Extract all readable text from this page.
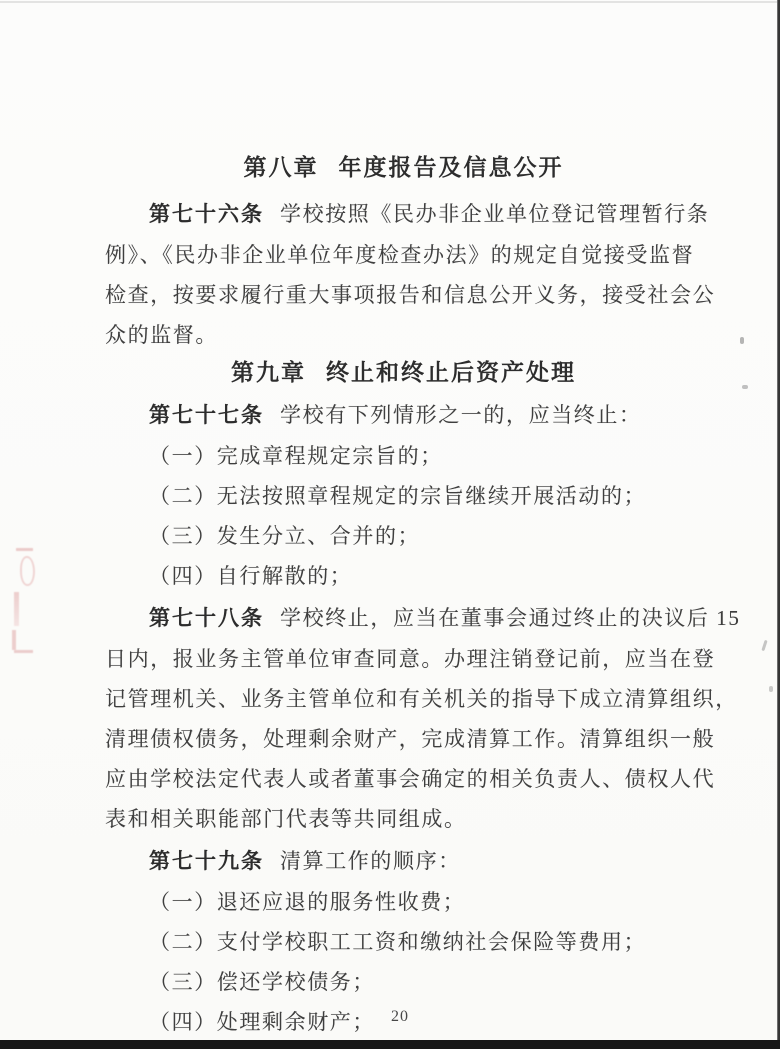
第八章 年度报告及信息公开
第七十六条 学校按照《民办非企业单位登记管理暂行条
例》、《民办非企业单位年度检查办法》的规定自觉接受监督
检查，按要求履行重大事项报告和信息公开义务，接受社会公
众的监督。
第九章 终止和终止后资产处理
第七十七条 学校有下列情形之一的，应当终止：
（一）完成章程规定宗旨的；
（二）无法按照章程规定的宗旨继续开展活动的；
（三）发生分立、合并的；
（四）自行解散的；
第七十八条 学校终止，应当在董事会通过终止的决议后 15
日内，报业务主管单位审查同意。办理注销登记前，应当在登
记管理机关、业务主管单位和有关机关的指导下成立清算组织，
清理债权债务，处理剩余财产，完成清算工作。清算组织一般
应由学校法定代表人或者董事会确定的相关负责人、债权人代
表和相关职能部门代表等共同组成。
第七十九条 清算工作的顺序：
（一）退还应退的服务性收费；
（二）支付学校职工工资和缴纳社会保险等费用；
（三）偿还学校债务；
（四）处理剩余财产；	20
